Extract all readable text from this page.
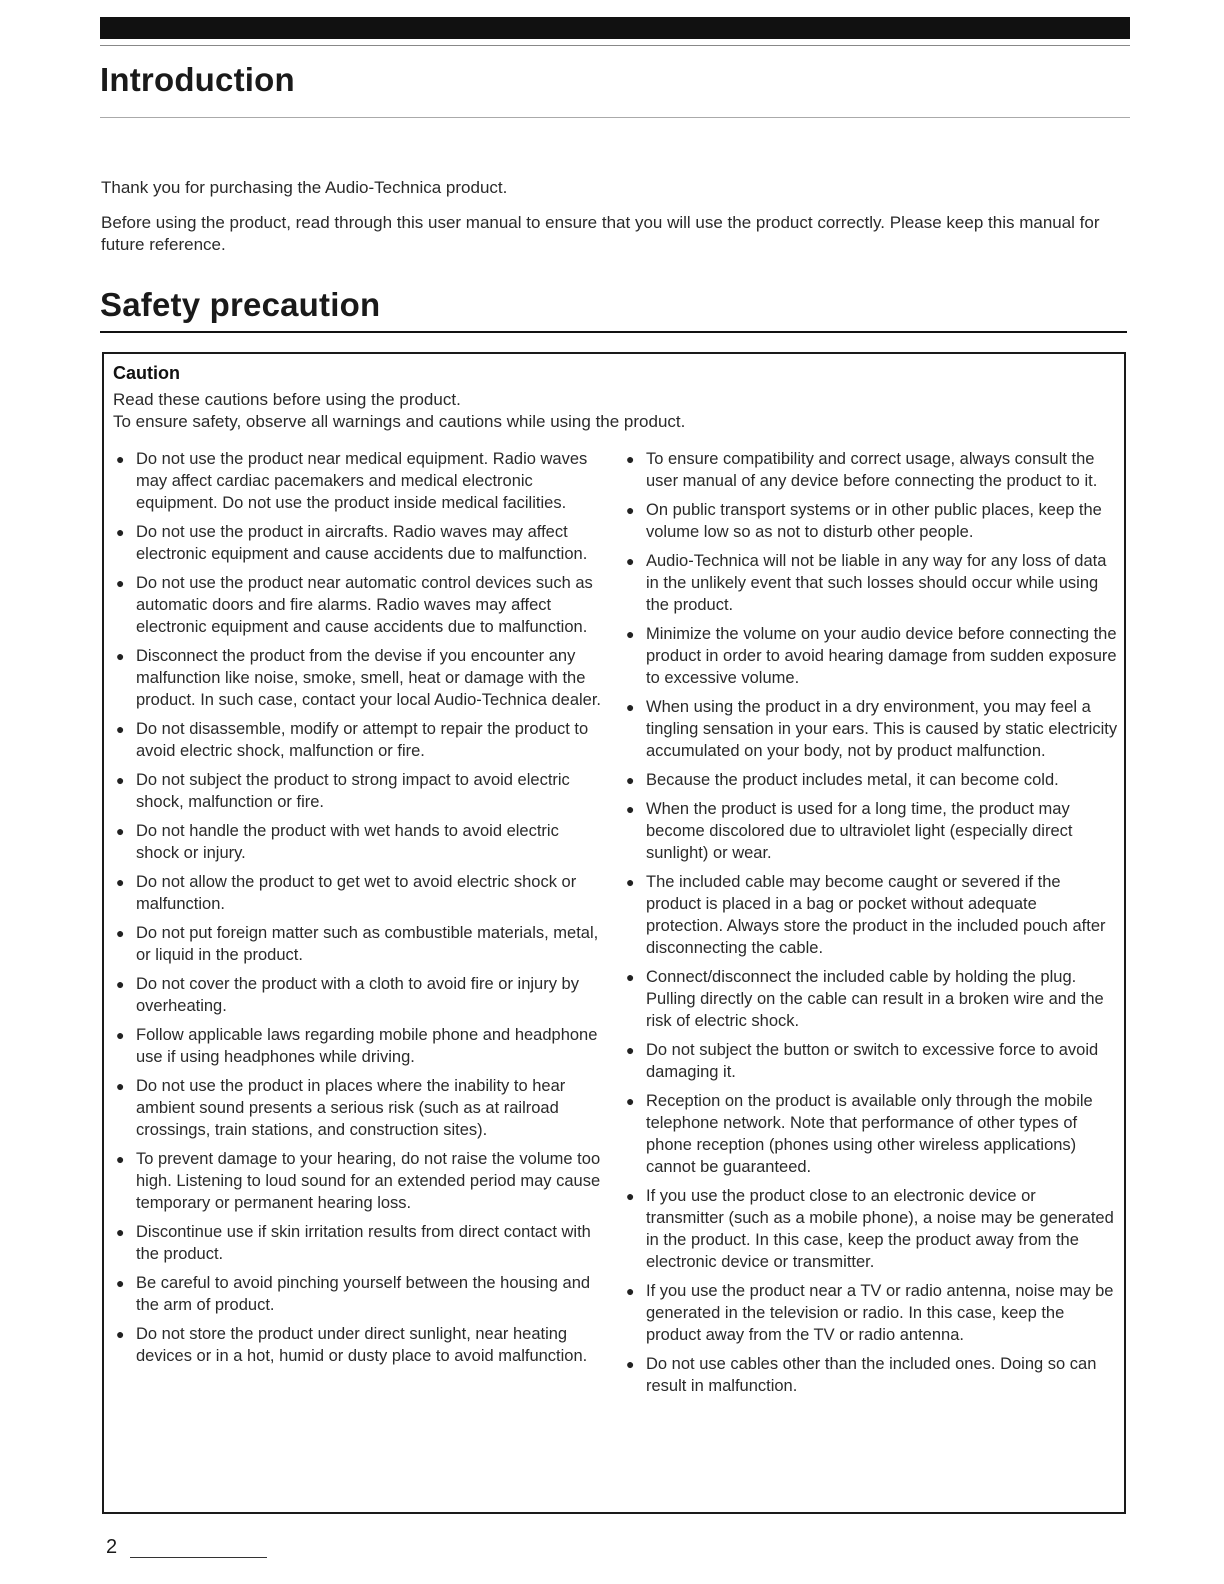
Introduction

Thank you for purchasing the Audio-Technica product.

Before using the product, read through this user manual to ensure that you will use the product correctly. Please keep this manual for future reference.

Safety precaution

Caution

Read these cautions before using the product.

To ensure safety, observe all warnings and cautions while using the product.

● Do not use the product near medical equipment. Radio waves may affect cardiac pacemakers and medical electronic equipment. Do not use the product inside medical facilities.
● Do not use the product in aircrafts. Radio waves may affect electronic equipment and cause accidents due to malfunction.
● Do not use the product near automatic control devices such as automatic doors and fire alarms. Radio waves may affect electronic equipment and cause accidents due to malfunction.
● Disconnect the product from the devise if you encounter any malfunction like noise, smoke, smell, heat or damage with the product. In such case, contact your local Audio-Technica dealer.
● Do not disassemble, modify or attempt to repair the product to avoid electric shock, malfunction or fire.
● Do not subject the product to strong impact to avoid electric shock, malfunction or fire.
● Do not handle the product with wet hands to avoid electric shock or injury.
● Do not allow the product to get wet to avoid electric shock or malfunction.
● Do not put foreign matter such as combustible materials, metal, or liquid in the product.
● Do not cover the product with a cloth to avoid fire or injury by overheating.
● Follow applicable laws regarding mobile phone and headphone use if using headphones while driving.
● Do not use the product in places where the inability to hear ambient sound presents a serious risk (such as at railroad crossings, train stations, and construction sites).
● To prevent damage to your hearing, do not raise the volume too high. Listening to loud sound for an extended period may cause temporary or permanent hearing loss.
● Discontinue use if skin irritation results from direct contact with the product.
● Be careful to avoid pinching yourself between the housing and the arm of product.
● Do not store the product under direct sunlight, near heating devices or in a hot, humid or dusty place to avoid malfunction.
● To ensure compatibility and correct usage, always consult the user manual of any device before connecting the product to it.
● On public transport systems or in other public places, keep the volume low so as not to disturb other people.
● Audio-Technica will not be liable in any way for any loss of data in the unlikely event that such losses should occur while using the product.
● Minimize the volume on your audio device before connecting the product in order to avoid hearing damage from sudden exposure to excessive volume.
● When using the product in a dry environment, you may feel a tingling sensation in your ears. This is caused by static electricity accumulated on your body, not by product malfunction.
● Because the product includes metal, it can become cold.
● When the product is used for a long time, the product may become discolored due to ultraviolet light (especially direct sunlight) or wear.
● The included cable may become caught or severed if the product is placed in a bag or pocket without adequate protection. Always store the product in the included pouch after disconnecting the cable.
● Connect/disconnect the included cable by holding the plug. Pulling directly on the cable can result in a broken wire and the risk of electric shock.
● Do not subject the button or switch to excessive force to avoid damaging it.
● Reception on the product is available only through the mobile telephone network. Note that performance of other types of phone reception (phones using other wireless applications) cannot be guaranteed.
● If you use the product close to an electronic device or transmitter (such as a mobile phone), a noise may be generated in the product. In this case, keep the product away from the electronic device or transmitter.
● If you use the product near a TV or radio antenna, noise may be generated in the television or radio. In this case, keep the product away from the TV or radio antenna.
● Do not use cables other than the included ones. Doing so can result in malfunction.
2
